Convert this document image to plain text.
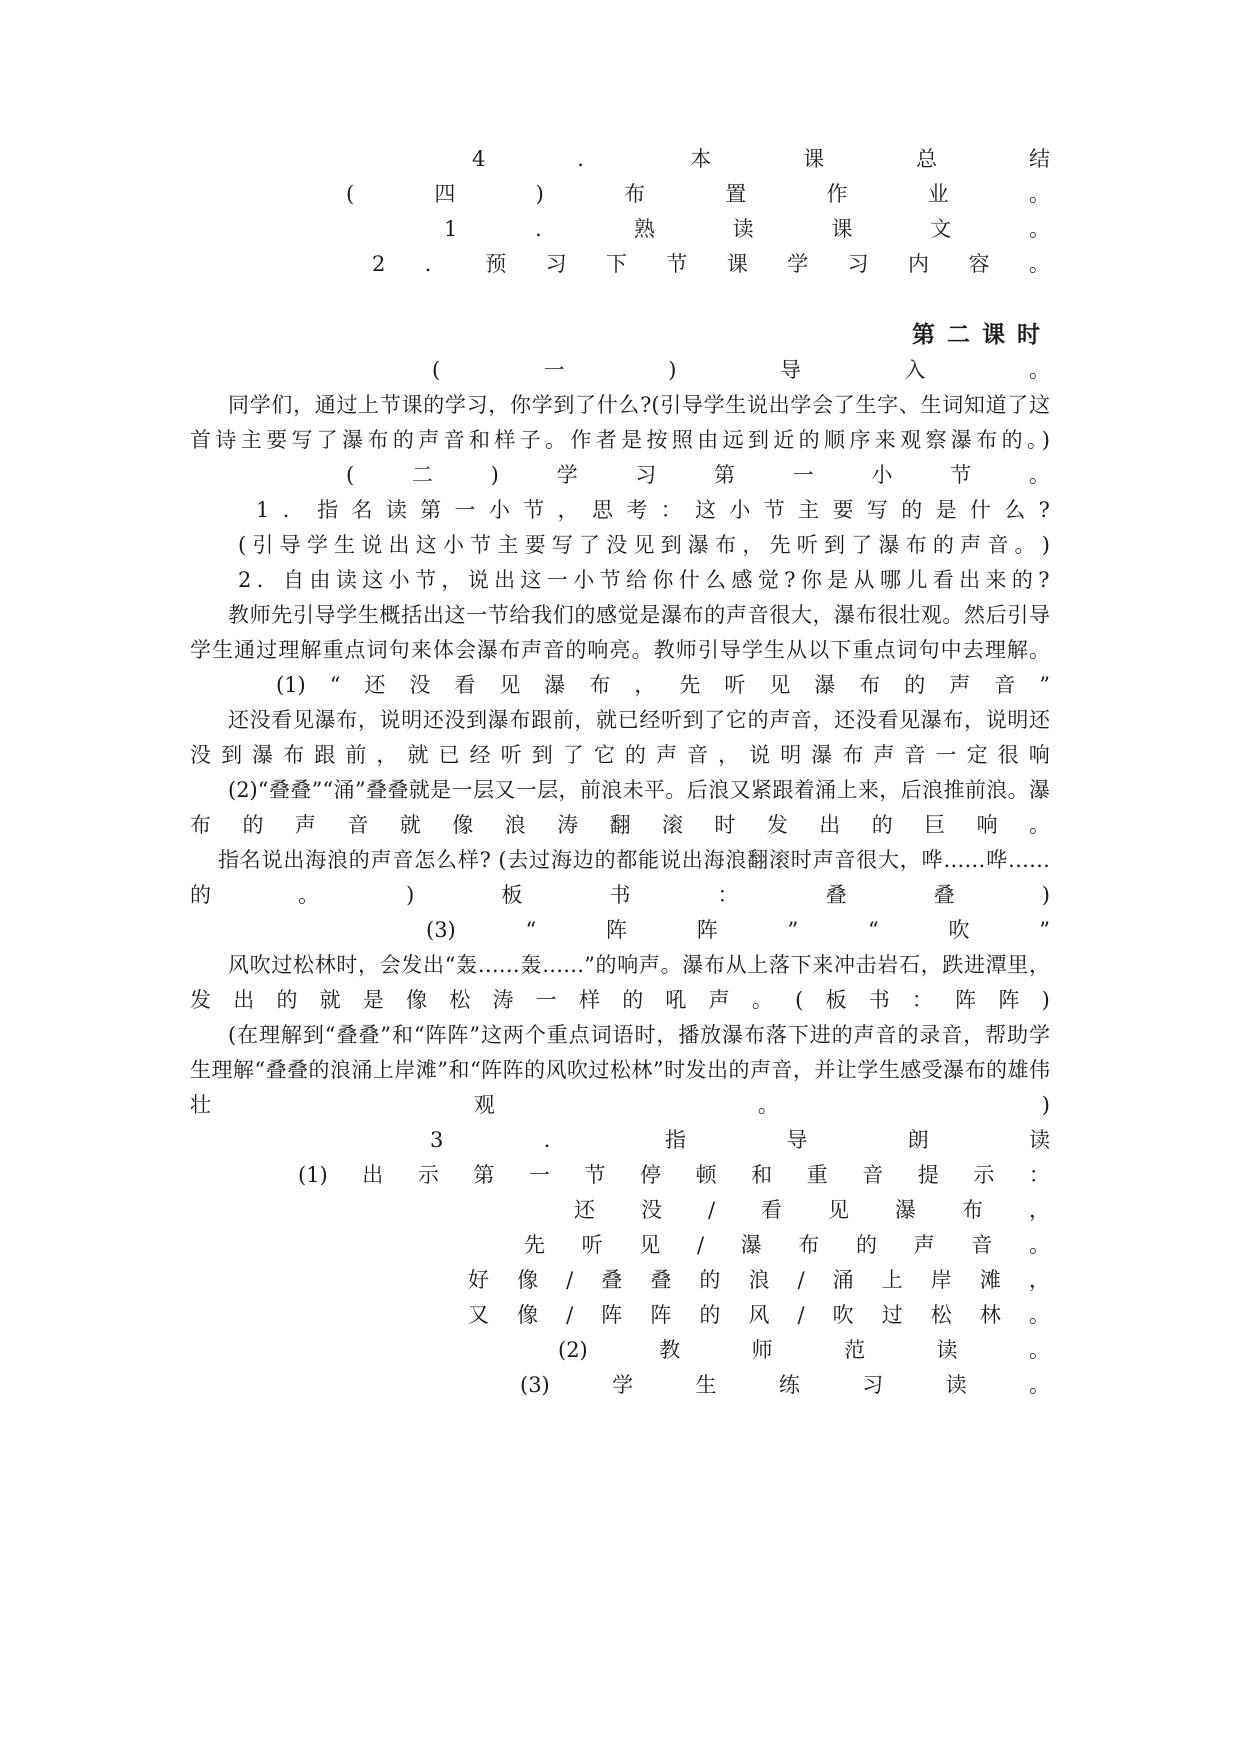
4	．	本	课	总	结
(	四	)	布	置	作	业	。
1	．	熟	读	课	文	。
2 ． 预 习 下 节 课 学 习 内 容 。
第二课时
(	一	)	导	入	。
同学们，通过上节课的学习，你学到了什么?(引导学生说出学会了生字、生词知道了这
首诗主要写了瀑布的声音和样子。作者是按照由远到近的顺序来观察瀑布的。)
(	二	)	学	习	第	一	小	节	。
1 ． 指 名 读 第 一 小 节 ， 思 考 ： 这 小 节 主 要 写 的 是 什 么 ?
( 引 导 学 生 说 出 这 小 节 主 要 写 了 没 见 到 瀑 布 ， 先 听 到 了 瀑 布 的 声 音 。 )
2 ． 自 由 读 这 小 节 ， 说 出 这 一 小 节 给 你 什 么 感 觉 ? 你 是 从 哪 儿 看 出 来 的 ?
教师先引导学生概括出这一节给我们的感觉是瀑布的声音很大，瀑布很壮观。然后引导
学生通过理解重点词句来体会瀑布声音的响亮。教师引导学生从以下重点词句中去理解。
(1) “ 还 没 看 见 瀑 布 ， 先 听 见 瀑 布 的 声 音 ”
还没看见瀑布，说明还没到瀑布跟前，就已经听到了它的声音，还没看见瀑布，说明还
没 到 瀑 布 跟 前 ， 就 已 经 听 到 了 它 的 声 音 ， 说 明 瀑 布 声 音 一 定 很 响
(2)“叠叠”“涌”叠叠就是一层又一层，前浪未平。后浪又紧跟着涌上来，后浪推前浪。瀑
布 的 声 音 就 像 浪 涛 翻 滚 时 发 出 的 巨 响 。
指名说出海浪的声音怎么样? (去过海边的都能说出海浪翻滚时声音很大，哗……哗……
的	。	)	板	书	：	叠	叠	)
(3)	“	阵	阵	”	“	吹	”
风吹过松林时，会发出“轰……轰……”的响声。瀑布从上落下来冲击岩石，跌进潭里，
发 出 的 就 是 像 松 涛 一 样 的 吼 声 。 ( 板 书 ： 阵 阵 )
(在理解到“叠叠”和“阵阵”这两个重点词语时，播放瀑布落下进的声音的录音，帮助学
生理解“叠叠的浪涌上岸滩”和“阵阵的风吹过松林”时发出的声音，并让学生感受瀑布的雄伟
壮	观	。	)
3	．	指	导	朗	读
(1) 出 示 第 一 节 停 顿 和 重 音 提 示 ：
还 没 / 看 见 瀑 布 ，
先 听 见 / 瀑 布 的 声 音 。
好 像 / 叠 叠 的 浪 / 涌 上 岸 滩 ，
又 像 / 阵 阵 的 风 / 吹 过 松 林 。
(2)	教	师	范	读	。
(3)	学	生	练	习	读	。
